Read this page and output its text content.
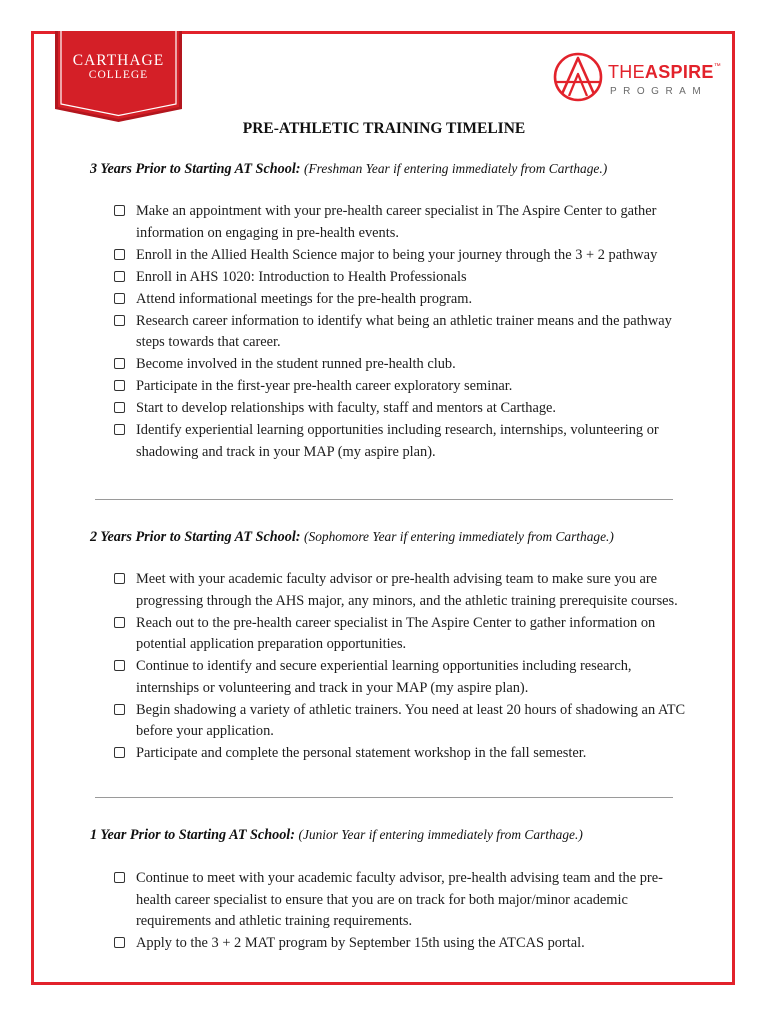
CARTHAGE
COLLEGE	THEASPIRE™
PROGRAM
PRE-ATHLETIC TRAINING TIMELINE
3 Years Prior to Starting AT School: (Freshman Year if entering immediately from Carthage.)
Make an appointment with your pre-health career specialist in The Aspire Center to gather information on engaging in pre-health events.
Enroll in the Allied Health Science major to being your journey through the 3 + 2 pathway
Enroll in AHS 1020: Introduction to Health Professionals
Attend informational meetings for the pre-health program.
Research career information to identify what being an athletic trainer means and the pathway steps towards that career.
Become involved in the student runned pre-health club.
Participate in the first-year pre-health career exploratory seminar.
Start to develop relationships with faculty, staff and mentors at Carthage.
Identify experiential learning opportunities including research, internships, volunteering or shadowing and track in your MAP (my aspire plan).
2 Years Prior to Starting AT School: (Sophomore Year if entering immediately from Carthage.)
Meet with your academic faculty advisor or pre-health advising team to make sure you are progressing through the AHS major, any minors, and the athletic training prerequisite courses.
Reach out to the pre-health career specialist in The Aspire Center to gather information on potential application preparation opportunities.
Continue to identify and secure experiential learning opportunities including research, internships or volunteering and track in your MAP (my aspire plan).
Begin shadowing a variety of athletic trainers. You need at least 20 hours of shadowing an ATC before your application.
Participate and complete the personal statement workshop in the fall semester.
1 Year Prior to Starting AT School: (Junior Year if entering immediately from Carthage.)
Continue to meet with your academic faculty advisor, pre-health advising team and the pre-health career specialist to ensure that you are on track for both major/minor academic requirements and athletic training requirements.
Apply to the 3 + 2 MAT program by September 15th using the ATCAS portal.
